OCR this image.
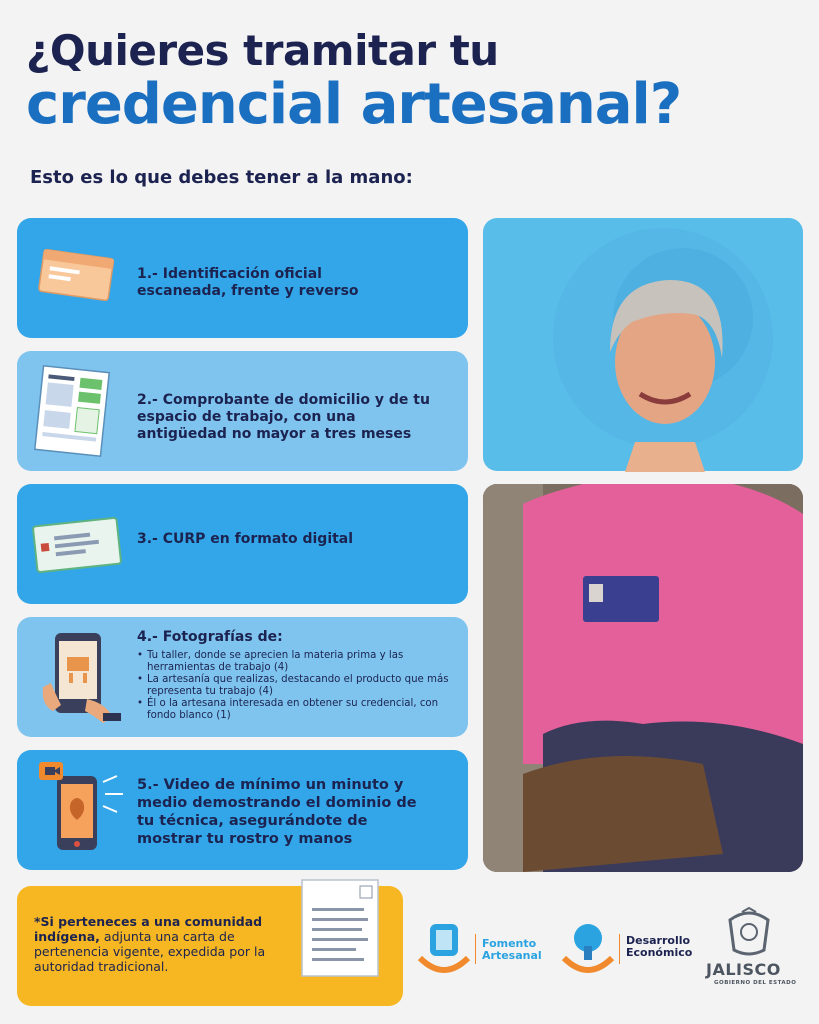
¿Quieres tramitar tu
credencial artesanal?
Esto es lo que debes tener a la mano:
1.- Identificación oficial escaneada, frente y reverso
2.- Comprobante de domicilio y de tu espacio de trabajo, con una antigüedad no mayor a tres meses
3.- CURP en formato digital
4.- Fotografías de:
• Tu taller, donde se aprecien la materia prima y las herramientas de trabajo (4)
• La artesanía que realizas, destacando el producto que más representa tu trabajo (4)
• Él o la artesana interesada en obtener su credencial, con fondo blanco (1)
5.- Video de mínimo un minuto y medio demostrando el dominio de tu técnica, asegurándote de mostrar tu rostro y manos

*Si perteneces a una comunidad indígena, adjunta una carta de pertenencia vigente, expedida por la autoridad tradicional.

Fomento
Artesanal
Desarrollo
Económico
JALISCO
GOBIERNO DEL ESTADO
